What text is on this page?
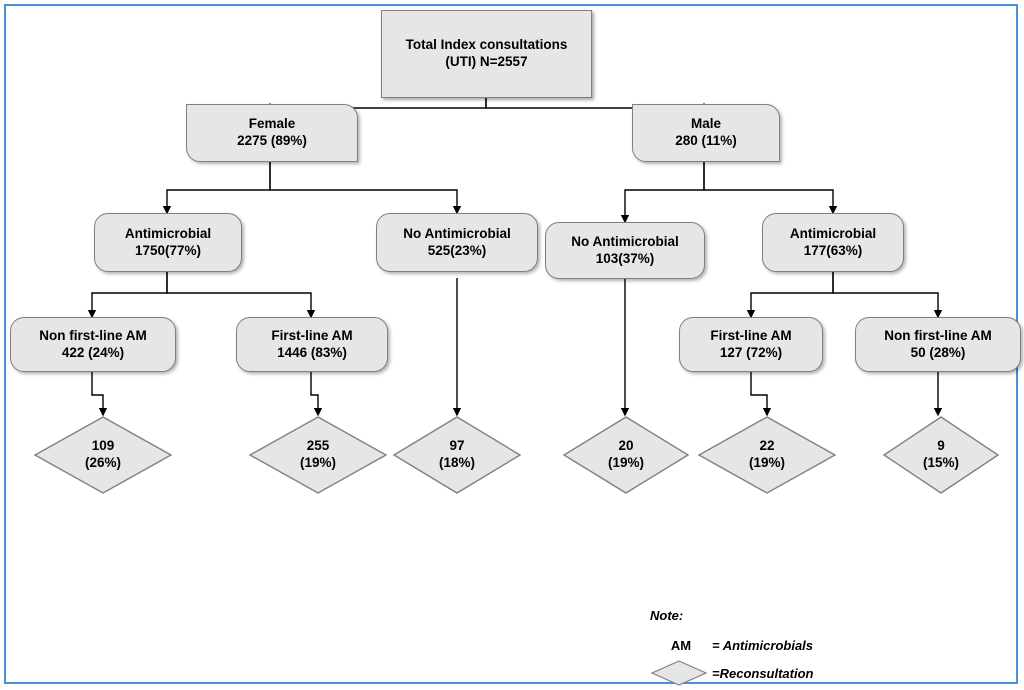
Total Index consultations
(UTI) N=2557
Female
2275 (89%)
Male
280 (11%)
Antimicrobial
1750(77%)
No Antimicrobial
525(23%)
No Antimicrobial
103(37%)
Antimicrobial
177(63%)
Non first-line AM
422 (24%)
First-line AM
1446 (83%)
First-line AM
127 (72%)
Non first-line AM
50 (28%)
109
(26%)
255
(19%)
97
(18%)
20
(19%)
22
(19%)
9
(15%)
Note:
AM	= Antimicrobials
=Reconsultation
